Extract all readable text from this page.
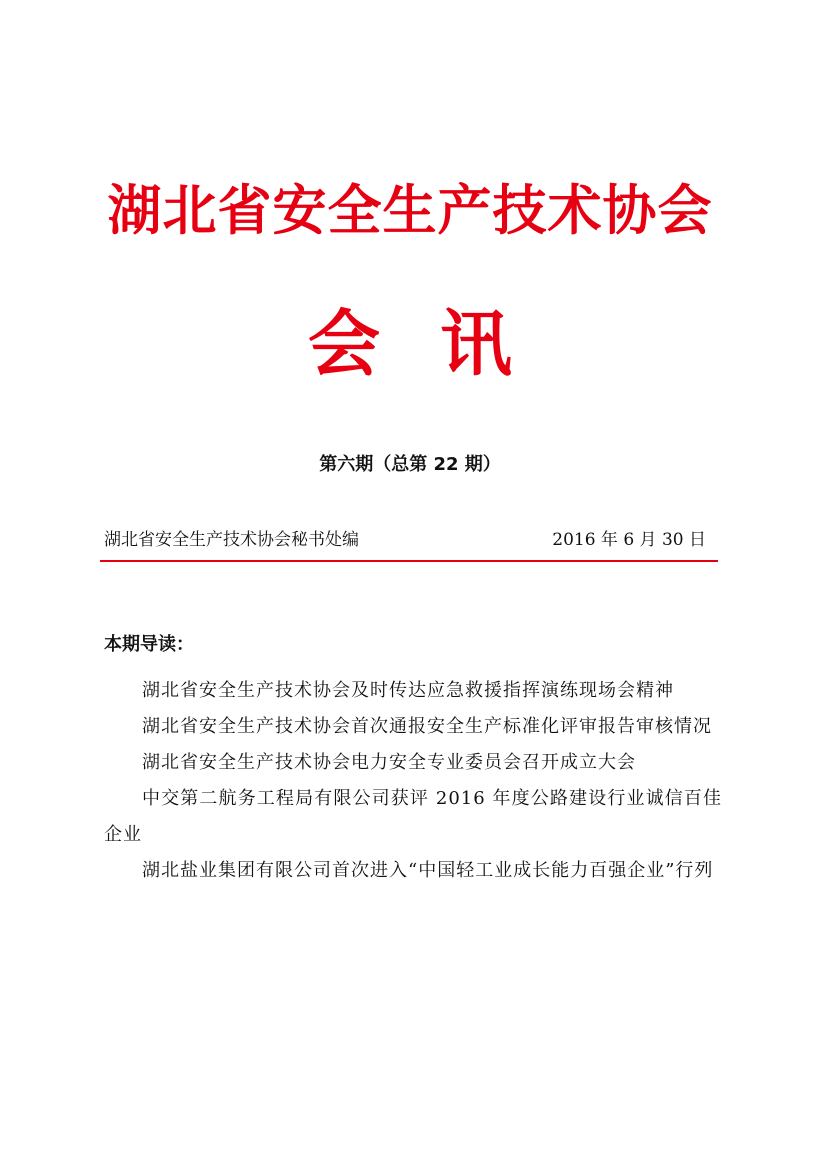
湖北省安全生产技术协会
会讯
第六期（总第 22 期）
湖北省安全生产技术协会秘书处编	2016 年 6 月 30 日
本期导读：
湖北省安全生产技术协会及时传达应急救援指挥演练现场会精神
湖北省安全生产技术协会首次通报安全生产标准化评审报告审核情况
湖北省安全生产技术协会电力安全专业委员会召开成立大会
中交第二航务工程局有限公司获评 2016 年度公路建设行业诚信百佳企业
湖北盐业集团有限公司首次进入“中国轻工业成长能力百强企业”行列
